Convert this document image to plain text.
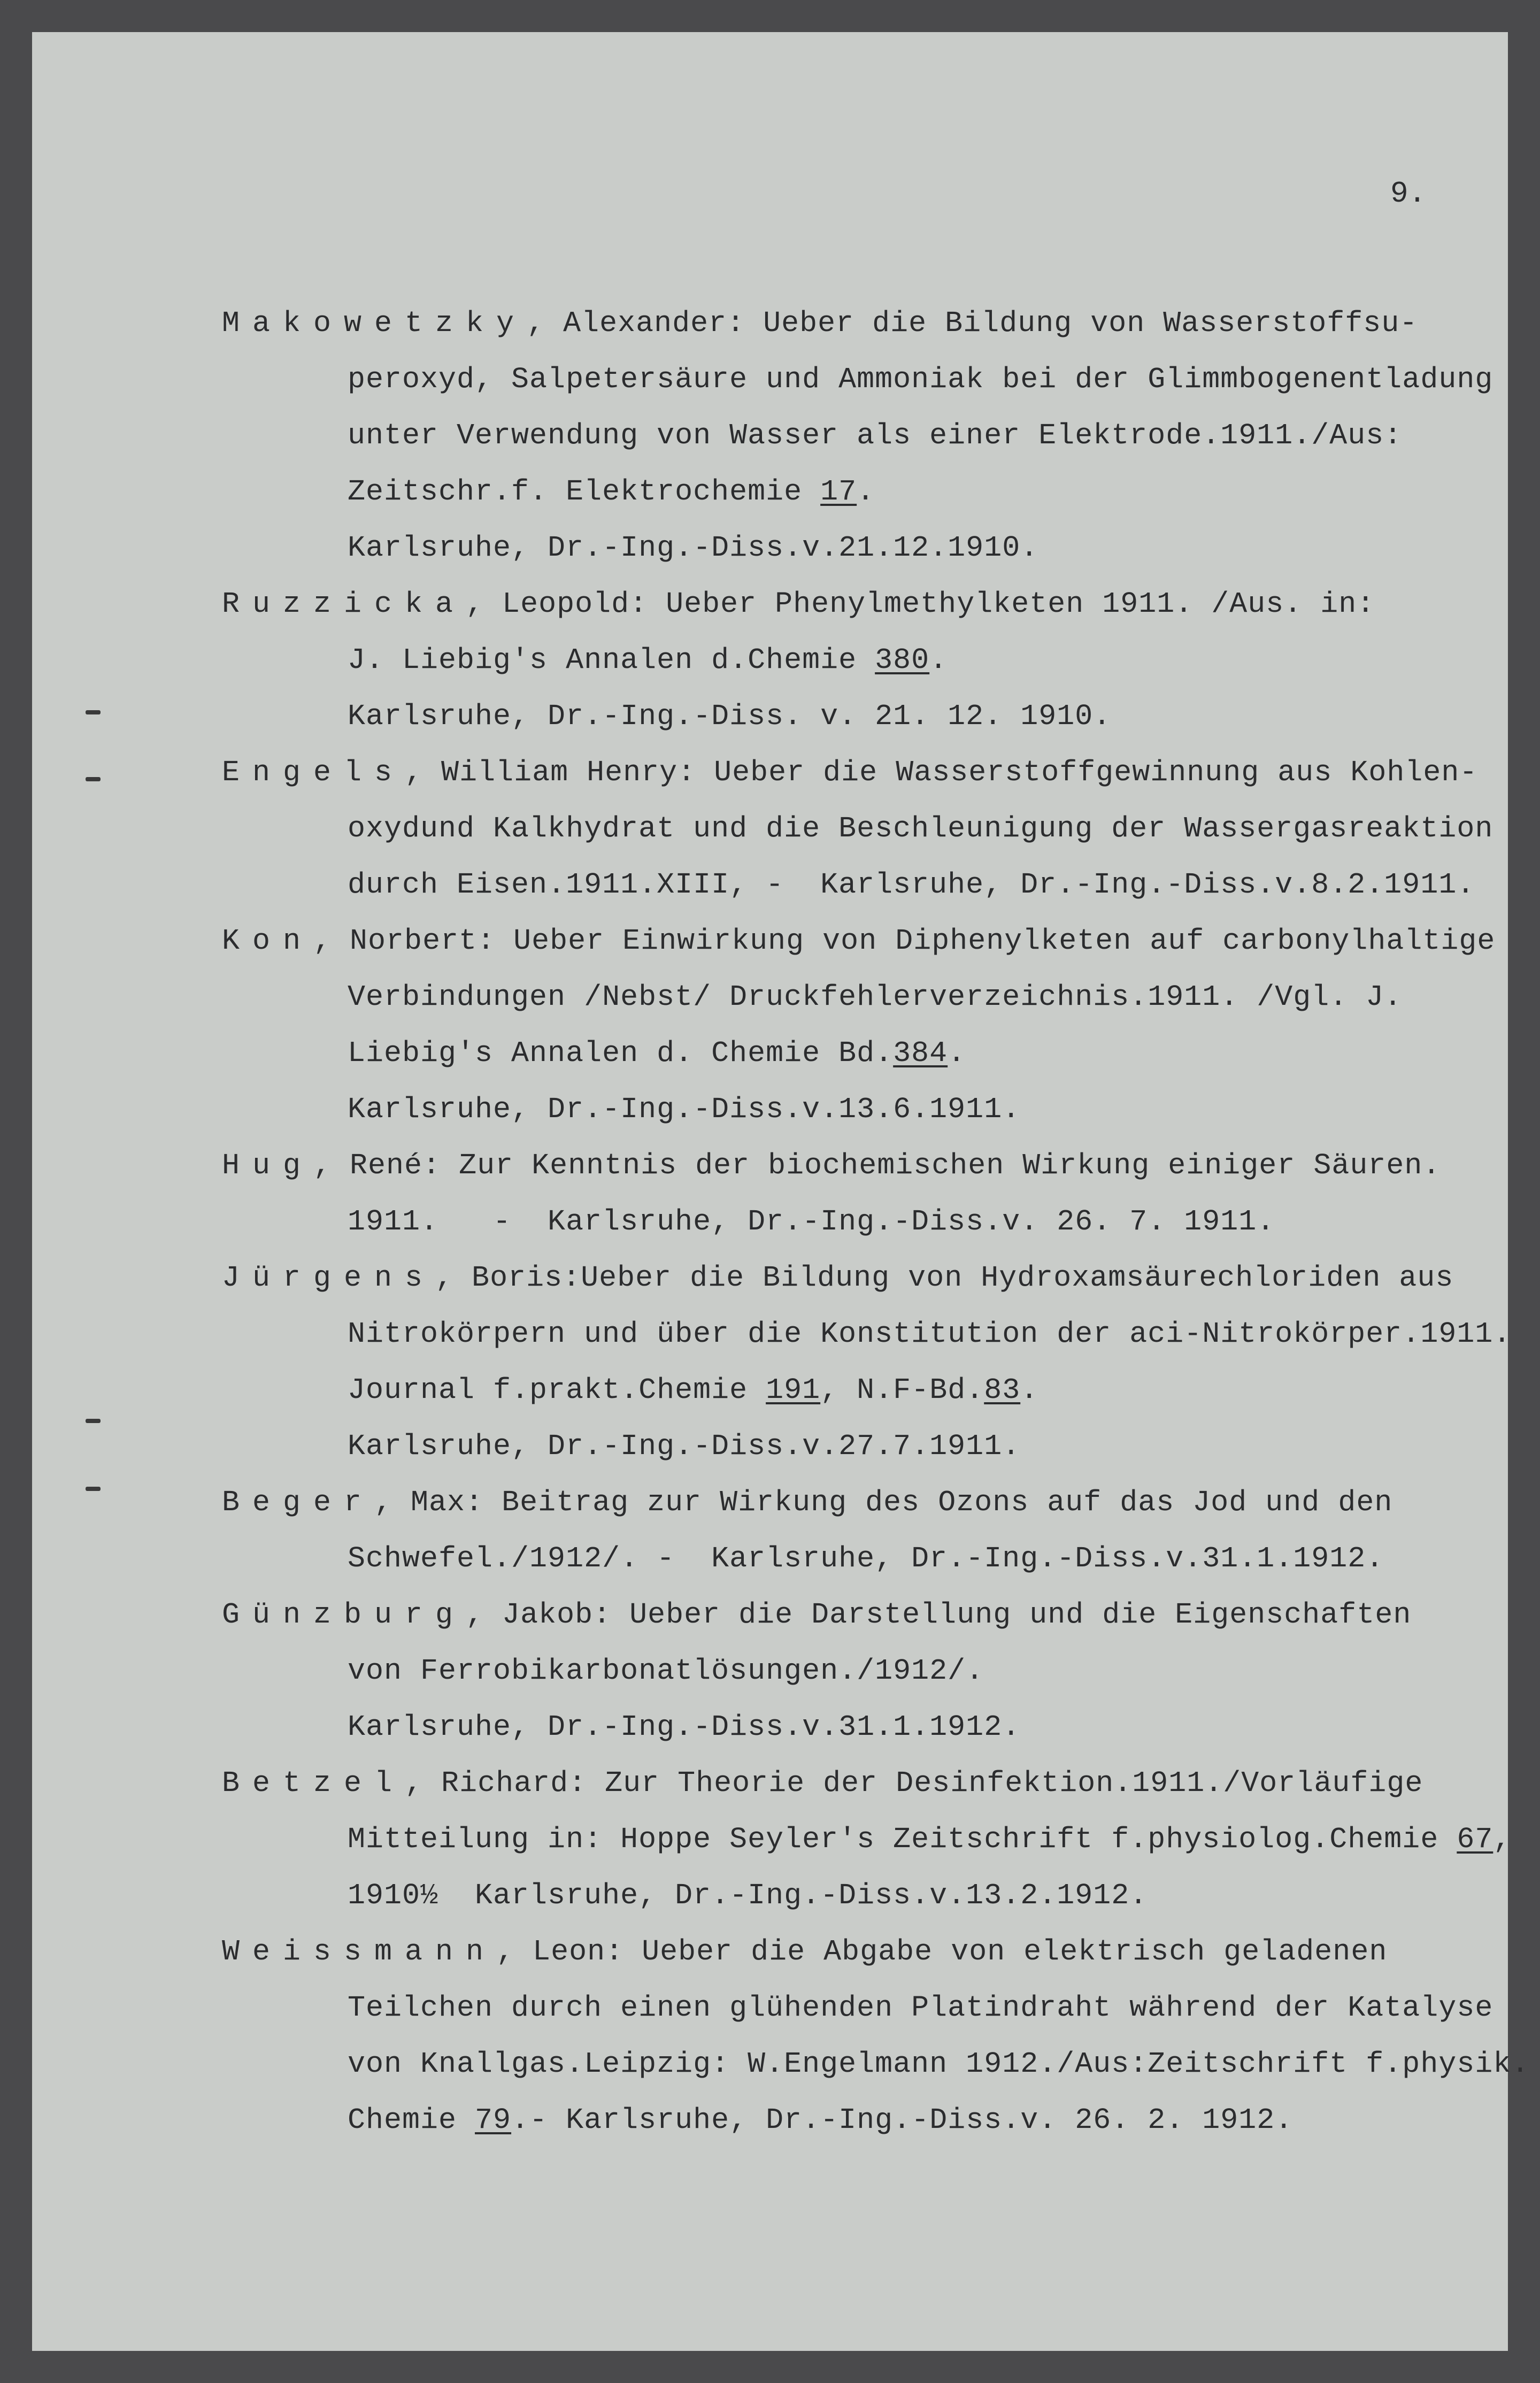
9.
Makowetzky, Alexander: Ueber die Bildung von Wasserstoffsu-
peroxyd, Salpetersäure und Ammoniak bei der Glimmbogenentladung
unter Verwendung von Wasser als einer Elektrode.1911./Aus:
Zeitschr.f. Elektrochemie 17.
Karlsruhe, Dr.-Ing.-Diss.v.21.12.1910.
Ruzzicka, Leopold: Ueber Phenylmethylketen 1911. /Aus. in:
J. Liebig's Annalen d.Chemie 380.
Karlsruhe, Dr.-Ing.-Diss. v. 21. 12. 1910.
Engels, William Henry: Ueber die Wasserstoffgewinnung aus Kohlen-
oxydund Kalkhydrat und die Beschleunigung der Wassergasreaktion
durch Eisen.1911.XIII, -  Karlsruhe, Dr.-Ing.-Diss.v.8.2.1911.
Kon, Norbert: Ueber Einwirkung von Diphenylketen auf carbonylhaltige
Verbindungen /Nebst/ Druckfehlerverzeichnis.1911. /Vgl. J.
Liebig's Annalen d. Chemie Bd.384.
Karlsruhe, Dr.-Ing.-Diss.v.13.6.1911.
Hug, René: Zur Kenntnis der biochemischen Wirkung einiger Säuren.
1911.   -  Karlsruhe, Dr.-Ing.-Diss.v. 26. 7. 1911.
Jürgens, Boris:Ueber die Bildung von Hydroxamsäurechloriden aus
Nitrokörpern und über die Konstitution der aci-Nitrokörper.1911.
Journal f.prakt.Chemie 191, N.F-Bd.83.
Karlsruhe, Dr.-Ing.-Diss.v.27.7.1911.
Beger, Max: Beitrag zur Wirkung des Ozons auf das Jod und den
Schwefel./1912/. -  Karlsruhe, Dr.-Ing.-Diss.v.31.1.1912.
Günzburg, Jakob: Ueber die Darstellung und die Eigenschaften
von Ferrobikarbonatlösungen./1912/.
Karlsruhe, Dr.-Ing.-Diss.v.31.1.1912.
Betzel, Richard: Zur Theorie der Desinfektion.1911./Vorläufige
Mitteilung in: Hoppe Seyler's Zeitschrift f.physiolog.Chemie 67,
1910½  Karlsruhe, Dr.-Ing.-Diss.v.13.2.1912.
Weissmann, Leon: Ueber die Abgabe von elektrisch geladenen
Teilchen durch einen glühenden Platindraht während der Katalyse
von Knallgas.Leipzig: W.Engelmann 1912./Aus:Zeitschrift f.physik.
Chemie 79.- Karlsruhe, Dr.-Ing.-Diss.v. 26. 2. 1912.
